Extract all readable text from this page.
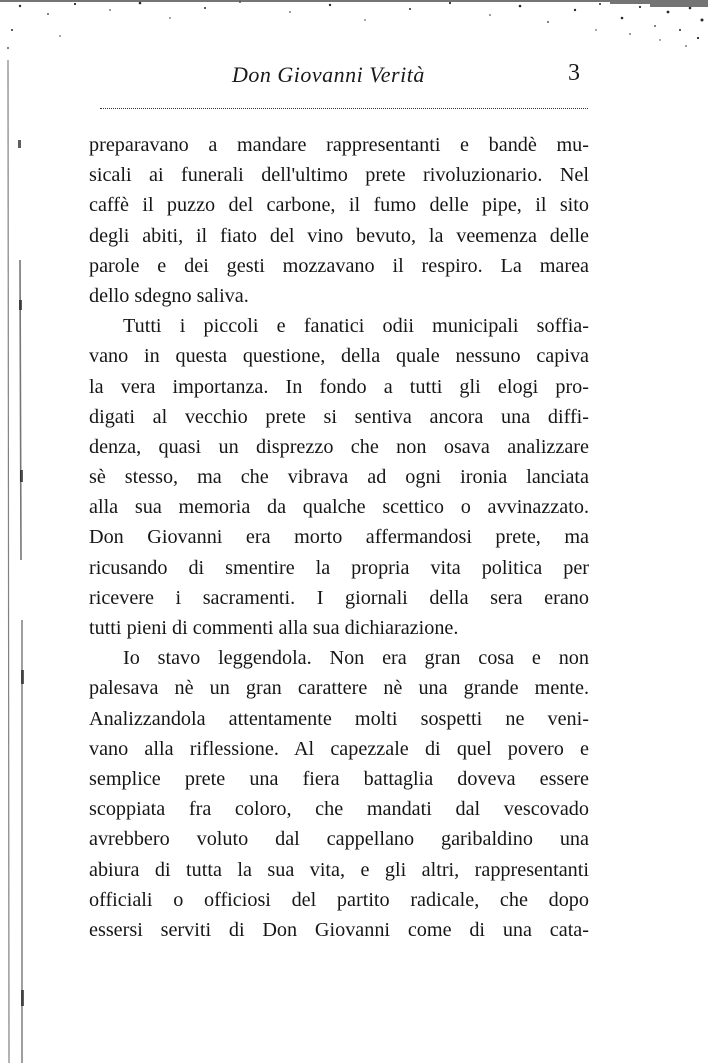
Don Giovanni Verità	3
preparavano a mandare rappresentanti e bandè mu-
sicali ai funerali dell'ultimo prete rivoluzionario. Nel
caffè il puzzo del carbone, il fumo delle pipe, il sito
degli abiti, il fiato del vino bevuto, la veemenza delle
parole e dei gesti mozzavano il respiro. La marea
dello sdegno saliva.
Tutti i piccoli e fanatici odii municipali soffia-
vano in questa questione, della quale nessuno capiva
la vera importanza. In fondo a tutti gli elogi pro-
digati al vecchio prete si sentiva ancora una diffi-
denza, quasi un disprezzo che non osava analizzare
sè stesso, ma che vibrava ad ogni ironia lanciata
alla sua memoria da qualche scettico o avvinazzato.
Don Giovanni era morto affermandosi prete, ma
ricusando di smentire la propria vita politica per
ricevere i sacramenti. I giornali della sera erano
tutti pieni di commenti alla sua dichiarazione.
Io stavo leggendola. Non era gran cosa e non
palesava nè un gran carattere nè una grande mente.
Analizzandola attentamente molti sospetti ne veni-
vano alla riflessione. Al capezzale di quel povero e
semplice prete una fiera battaglia doveva essere
scoppiata fra coloro, che mandati dal vescovado
avrebbero voluto dal cappellano garibaldino una
abiura di tutta la sua vita, e gli altri, rappresentanti
officiali o officiosi del partito radicale, che dopo
essersi serviti di Don Giovanni come di una cata-
